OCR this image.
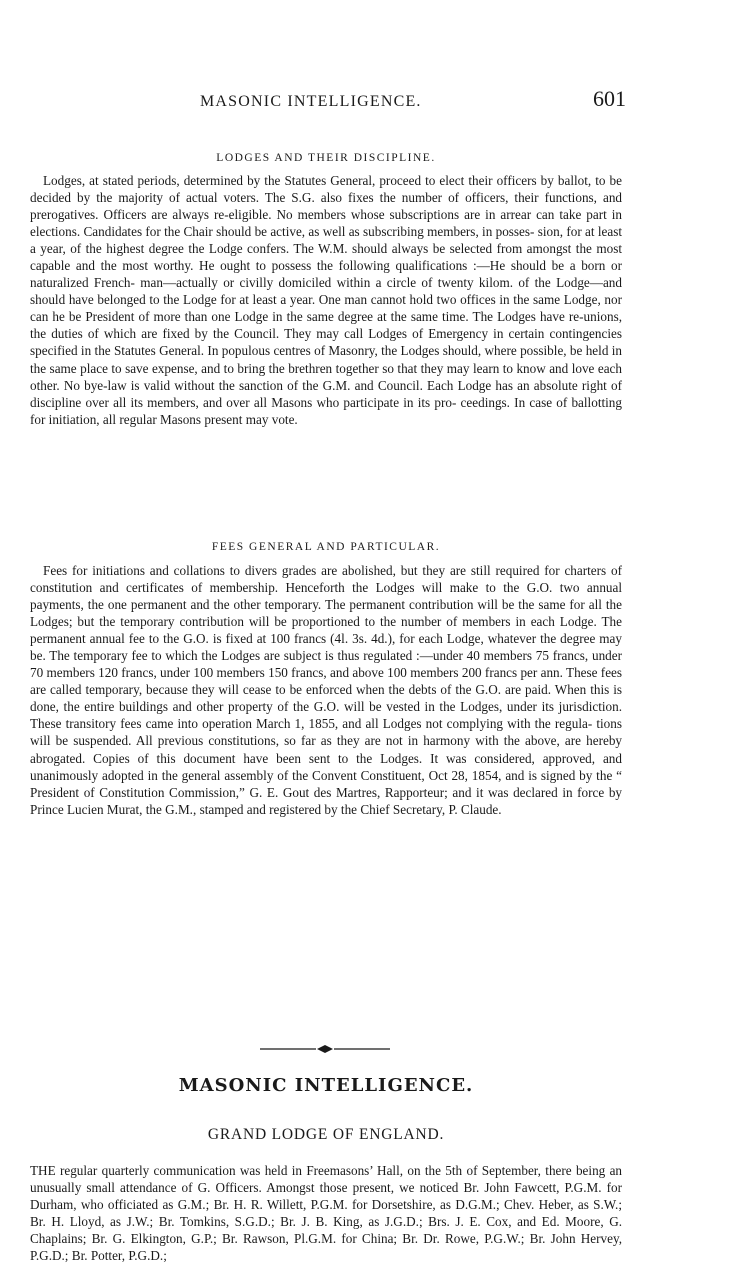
MASONIC INTELLIGENCE.	601
LODGES AND THEIR DISCIPLINE.

Lodges, at stated periods, determined by the Statutes General, proceed to elect their officers by ballot, to be decided by the majority of actual voters. The S.G. also fixes the number of officers, their functions, and prerogatives. Officers are always re-eligible. No members whose subscriptions are in arrear can take part in elections. Candidates for the Chair should be active, as well as subscribing members, in posses- sion, for at least a year, of the highest degree the Lodge confers. The W.M. should always be selected from amongst the most capable and the most worthy. He ought to possess the following qualifications :—He should be a born or naturalized French- man—actually or civilly domiciled within a circle of twenty kilom. of the Lodge—and should have belonged to the Lodge for at least a year. One man cannot hold two offices in the same Lodge, nor can he be President of more than one Lodge in the same degree at the same time. The Lodges have re-unions, the duties of which are fixed by the Council. They may call Lodges of Emergency in certain contingencies specified in the Statutes General. In populous centres of Masonry, the Lodges should, where possible, be held in the same place to save expense, and to bring the brethren together so that they may learn to know and love each other. No bye-law is valid without the sanction of the G.M. and Council. Each Lodge has an absolute right of discipline over all its members, and over all Masons who participate in its pro- ceedings. In case of ballotting for initiation, all regular Masons present may vote.

FEES GENERAL AND PARTICULAR.

Fees for initiations and collations to divers grades are abolished, but they are still required for charters of constitution and certificates of membership. Henceforth the Lodges will make to the G.O. two annual payments, the one permanent and the other temporary. The permanent contribution will be the same for all the Lodges; but the temporary contribution will be proportioned to the number of members in each Lodge. The permanent annual fee to the G.O. is fixed at 100 francs (4l. 3s. 4d.), for each Lodge, whatever the degree may be. The temporary fee to which the Lodges are subject is thus regulated :—under 40 members 75 francs, under 70 members 120 francs, under 100 members 150 francs, and above 100 members 200 francs per ann. These fees are called temporary, because they will cease to be enforced when the debts of the G.O. are paid. When this is done, the entire buildings and other property of the G.O. will be vested in the Lodges, under its jurisdiction. These transitory fees came into operation March 1, 1855, and all Lodges not complying with the regula- tions will be suspended. All previous constitutions, so far as they are not in harmony with the above, are hereby abrogated. Copies of this document have been sent to the Lodges. It was considered, approved, and unanimously adopted in the general assembly of the Convent Constituent, Oct 28, 1854, and is signed by the “ President of Constitution Commission,” G. E. Gout des Martres, Rapporteur; and it was declared in force by Prince Lucien Murat, the G.M., stamped and registered by the Chief Secretary, P. Claude.

MASONIC INTELLIGENCE.
GRAND LODGE OF ENGLAND.

THE regular quarterly communication was held in Freemasons’ Hall, on the 5th of September, there being an unusually small attendance of G. Officers. Amongst those present, we noticed Br. John Fawcett, P.G.M. for Durham, who officiated as G.M.; Br. H. R. Willett, P.G.M. for Dorsetshire, as D.G.M.; Chev. Heber, as S.W.; Br. H. Lloyd, as J.W.; Br. Tomkins, S.G.D.; Br. J. B. King, as J.G.D.; Brs. J. E. Cox, and Ed. Moore, G. Chaplains; Br. G. Elkington, G.P.; Br. Rawson, Pl.G.M. for China; Br. Dr. Rowe, P.G.W.; Br. John Hervey, P.G.D.; Br. Potter, P.G.D.;
